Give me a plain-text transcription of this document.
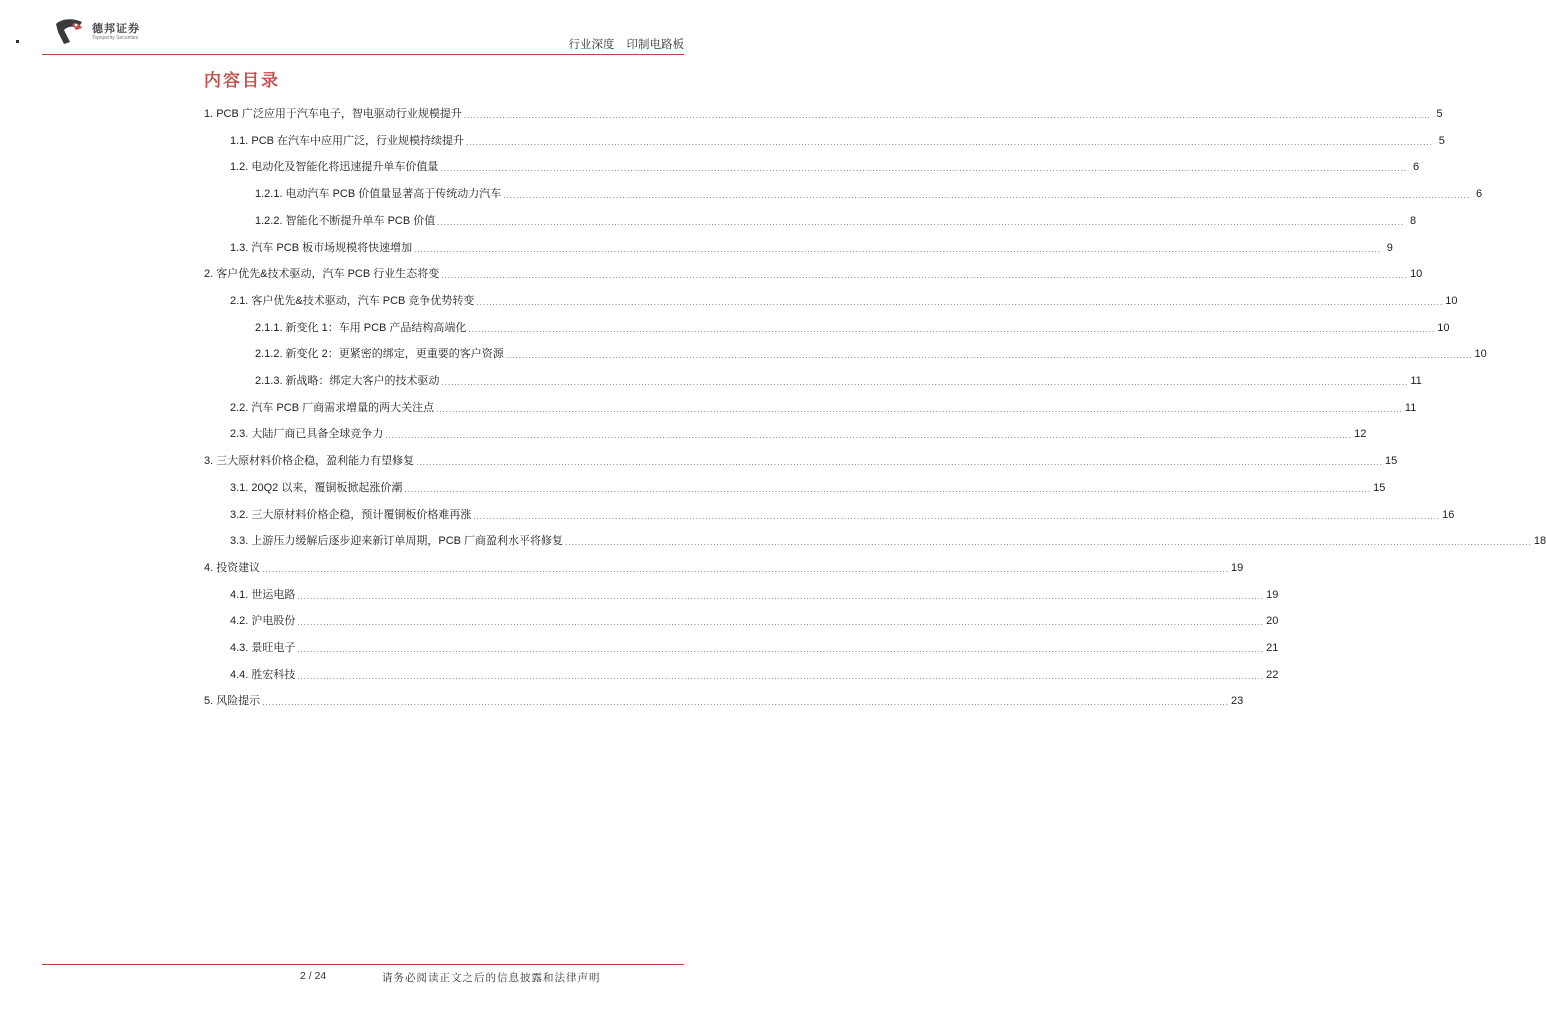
德邦证券
Topsperity Securities
行业深度 印制电路板
内容目录
1. PCB 广泛应用于汽车电子，智电驱动行业规模提升 ............................................................................................................................................................................................................................................................................................................ 5
1.1. PCB 在汽车中应用广泛，行业规模持续提升 ............................................................................................................................................................................................................................................................................................................ 5
1.2. 电动化及智能化将迅速提升单车价值量 ............................................................................................................................................................................................................................................................................................................ 6
1.2.1. 电动汽车 PCB 价值量显著高于传统动力汽车 ............................................................................................................................................................................................................................................................................................................ 6
1.2.2. 智能化不断提升单车 PCB 价值 ............................................................................................................................................................................................................................................................................................................ 8
1.3. 汽车 PCB 板市场规模将快速增加 ............................................................................................................................................................................................................................................................................................................ 9
2. 客户优先&技术驱动，汽车 PCB 行业生态将变 ............................................................................................................................................................................................................................................................................................................ 10
2.1. 客户优先&技术驱动，汽车 PCB 竞争优势转变 ............................................................................................................................................................................................................................................................................................................ 10
2.1.1. 新变化 1：车用 PCB 产品结构高端化 ............................................................................................................................................................................................................................................................................................................ 10
2.1.2. 新变化 2：更紧密的绑定，更重要的客户资源 ............................................................................................................................................................................................................................................................................................................ 10
2.1.3. 新战略：绑定大客户的技术驱动 ............................................................................................................................................................................................................................................................................................................ 11
2.2. 汽车 PCB 厂商需求增量的两大关注点 ............................................................................................................................................................................................................................................................................................................ 11
2.3. 大陆厂商已具备全球竞争力 ............................................................................................................................................................................................................................................................................................................ 12
3. 三大原材料价格企稳，盈利能力有望修复 ............................................................................................................................................................................................................................................................................................................ 15
3.1. 20Q2 以来，覆铜板掀起涨价潮 ............................................................................................................................................................................................................................................................................................................ 15
3.2. 三大原材料价格企稳，预计覆铜板价格难再涨 ............................................................................................................................................................................................................................................................................................................ 16
3.3. 上游压力缓解后逐步迎来新订单周期，PCB 厂商盈利水平将修复 ............................................................................................................................................................................................................................................................................................................ 18
4. 投资建议 ............................................................................................................................................................................................................................................................................................................ 19
4.1. 世运电路 ............................................................................................................................................................................................................................................................................................................ 19
4.2. 沪电股份 ............................................................................................................................................................................................................................................................................................................ 20
4.3. 景旺电子 ............................................................................................................................................................................................................................................................................................................ 21
4.4. 胜宏科技 ............................................................................................................................................................................................................................................................................................................ 22
5. 风险提示 ............................................................................................................................................................................................................................................................................................................ 23
2 / 24	请务必阅读正文之后的信息披露和法律声明
